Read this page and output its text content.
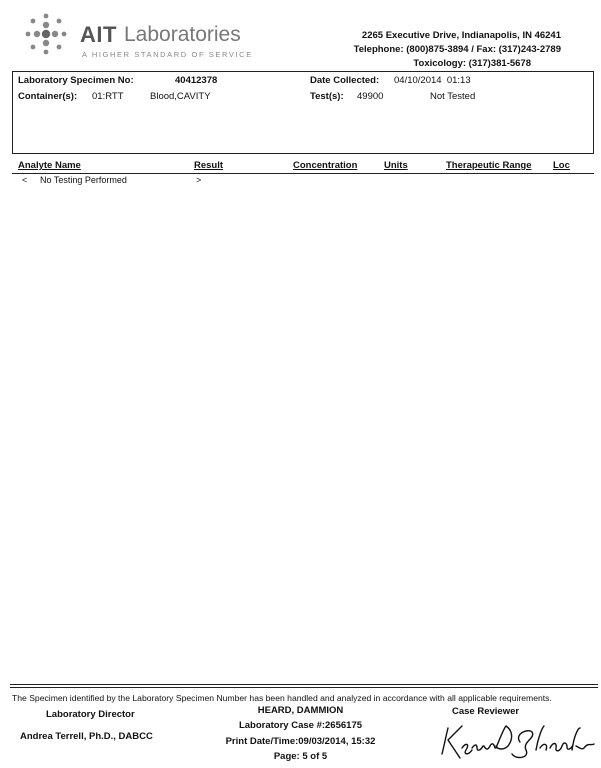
AIT Laboratories
A HIGHER STANDARD OF SERVICE
2265 Executive Drive, Indianapolis, IN 46241
Telephone: (800)875-3894 / Fax: (317)243-2789
Toxicology: (317)381-5678
Laboratory Specimen No:	40412378
Container(s): 01:RTT	Blood,CAVITY
Date Collected: 04/10/2014  01:13
Test(s): 49900	Not Tested
Analyte Name	Result	Concentration	Units	Therapeutic Range Loc
< No Testing Performed	>
The Specimen identified by the Laboratory Specimen Number has been handled and analyzed in accordance with all applicable requirements.
Laboratory Director
Andrea Terrell, Ph.D., DABCC
HEARD, DAMMION
Laboratory Case #:2656175
Print Date/Time:09/03/2014, 15:32
Page: 5 of 5
Case Reviewer
